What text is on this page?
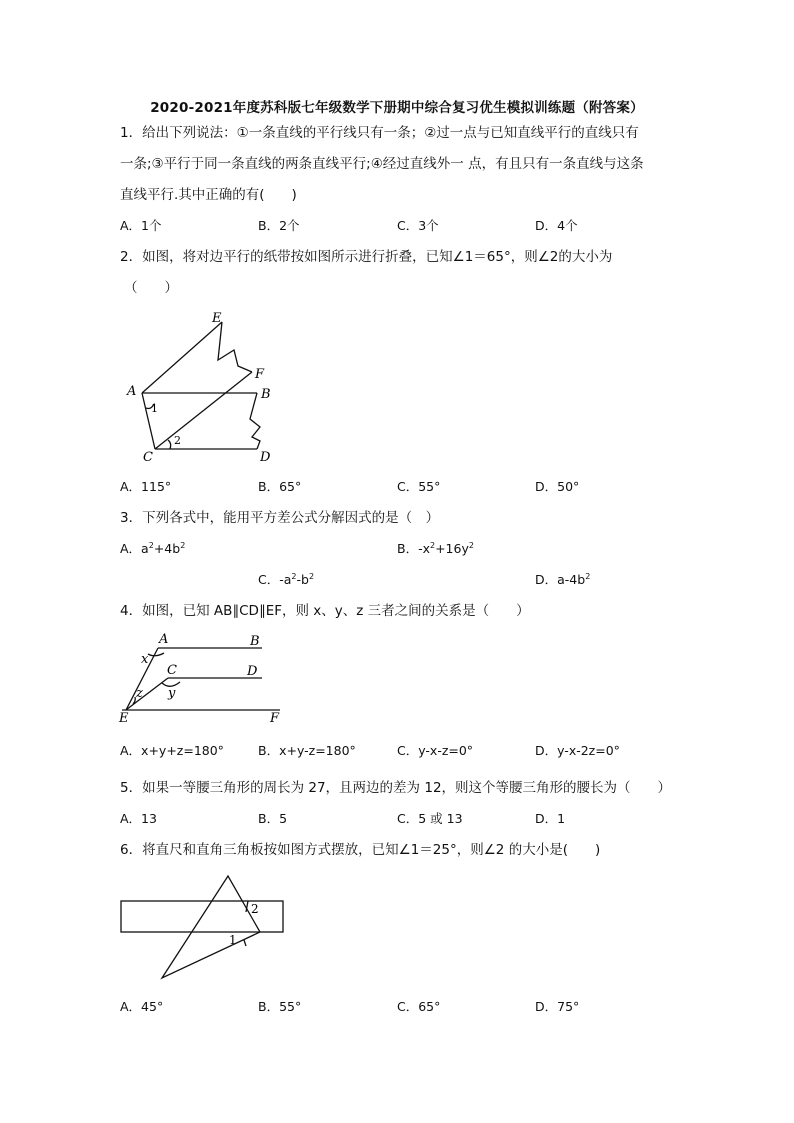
2020-2021年度苏科版七年级数学下册期中综合复习优生模拟训练题（附答案）
1．给出下列说法：①一条直线的平行线只有一条；②过一点与已知直线平行的直线只有
一条;③平行于同一条直线的两条直线平行;④经过直线外一 点，有且只有一条直线与这条
直线平行.其中正确的有(　　)
A．1个	B．2个	C．3个	D．4个
2．如图，将对边平行的纸带按如图所示进行折叠，已知∠1＝65°，则∠2的大小为
（　　）
E
F
A	B
C	D
1
2
A．115°	B．65°	C．55°	D．50°
3．下列各式中，能用平方差公式分解因式的是（　）
A．$a^2+4b^2$	B．$-x^2+16y^2$
C．$-a^2-b^2$	D．$a-4b^2$
4．如图，已知 AB∥CD∥EF，则 x、y、z 三者之间的关系是（　　）
A	B
C	D
E	F
x
y
z
A．x+y+z=180°	B．x+y-z=180°	C．y-x-z=0°	D．y-x-2z=0°
5．如果一等腰三角形的周长为 27，且两边的差为 12，则这个等腰三角形的腰长为（　　）
A．13	B．5	C．5 或 13	D．1
6．将直尺和直角三角板按如图方式摆放，已知∠1＝25°，则∠2 的大小是(　　)
2
1
A．45°	B．55°	C．65°	D．75°
